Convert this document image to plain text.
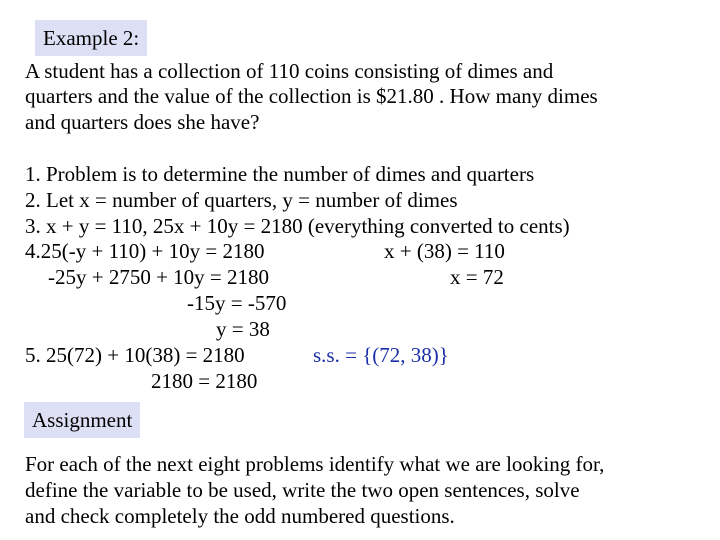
Example 2:
A student has a collection of 110 coins consisting of dimes and
quarters and the value of the collection is $21.80 . How many dimes
and quarters does she have?
1. Problem is to determine the number of dimes and quarters
2. Let x = number of quarters, y = number of dimes
3. x + y = 110, 25x + 10y = 2180 (everything converted to cents)
4.25(-y + 110) + 10y = 2180	x + (38) = 110
-25y + 2750 + 10y = 2180	x = 72
-15y = -570
y = 38
5. 25(72) + 10(38) = 2180	s.s. = {(72, 38)}
2180 = 2180
Assignment
For each of the next eight problems identify what we are looking for,
define the variable to be used, write the two open sentences, solve
and check completely the odd numbered questions.
